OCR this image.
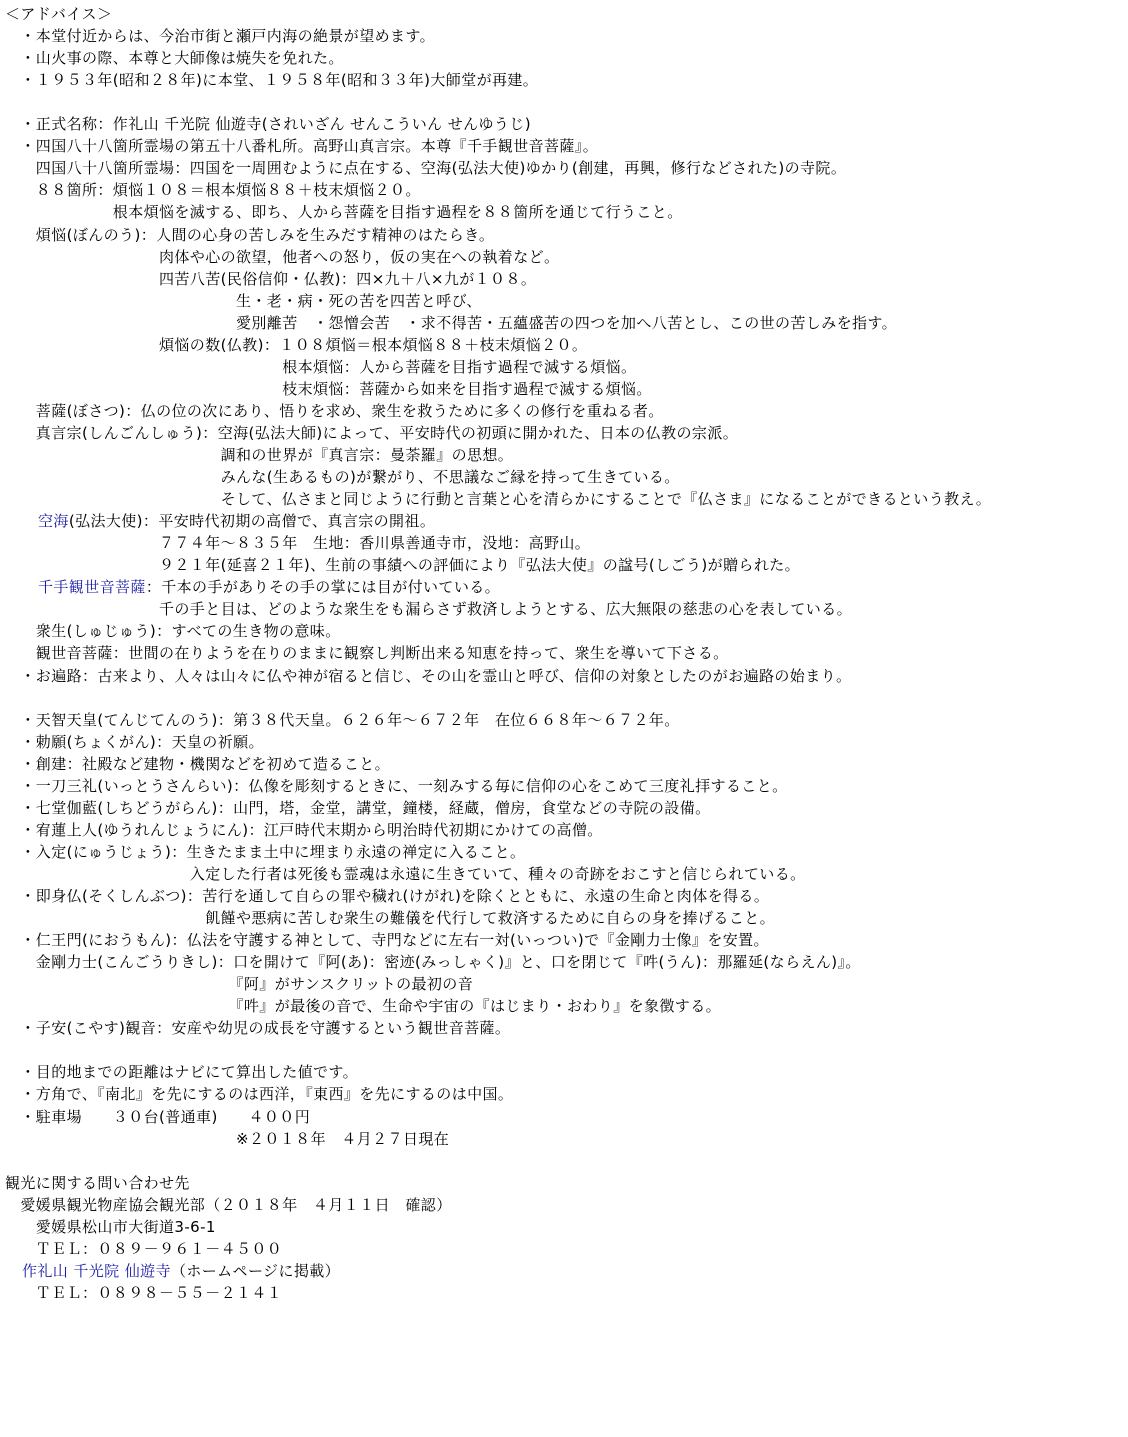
＜アドバイス＞
　・本堂付近からは、今治市街と瀬戸内海の絶景が望めます。
　・山火事の際、本尊と大師像は焼失を免れた。
　・１９５３年(昭和２８年)に本堂、１９５８年(昭和３３年)大師堂が再建。
　・正式名称：作礼山 千光院 仙遊寺(されいざん せんこういん せんゆうじ)
　・四国八十八箇所霊場の第五十八番札所。高野山真言宗。本尊『千手観世音菩薩』。
　　四国八十八箇所霊場：四国を一周囲むように点在する、空海(弘法大使)ゆかり(創建，再興，修行などされた)の寺院。
　　８８箇所：煩悩１０８＝根本煩悩８８＋枝末煩悩２０。
　　　　　　　根本煩悩を滅する、即ち、人から菩薩を目指す過程を８８箇所を通じて行うこと。
　　煩悩(ぼんのう)：人間の心身の苦しみを生みだす精神のはたらき。
　　　　　　　　　　肉体や心の欲望，他者への怒り，仮の実在への執着など。
　　　　　　　　　　四苦八苦(民俗信仰・仏教)：四×九＋八×九が１０８。
　　　　　　　　　　　　　　　生・老・病・死の苦を四苦と呼び、
　　　　　　　　　　　　　　　愛別離苦　・怨憎会苦　・求不得苦・五蘊盛苦の四つを加へ八苦とし、この世の苦しみを指す。
　　　　　　　　　　煩悩の数(仏教)：１０８煩悩＝根本煩悩８８＋枝末煩悩２０。
　　　　　　　　　　　　　　　　　　根本煩悩：人から菩薩を目指す過程で滅する煩悩。
　　　　　　　　　　　　　　　　　　枝末煩悩：菩薩から如来を目指す過程で滅する煩悩。
　　菩薩(ぼさつ)：仏の位の次にあり、悟りを求め、衆生を救うために多くの修行を重ねる者。
　　真言宗(しんごんしゅう)：空海(弘法大師)によって、平安時代の初頭に開かれた、日本の仏教の宗派。
　　　　　　　　　　　　　　調和の世界が『真言宗：曼荼羅』の思想。
　　　　　　　　　　　　　　みんな(生あるもの)が繋がり、不思議なご縁を持って生きている。
　　　　　　　　　　　　　　そして、仏さまと同じように行動と言葉と心を清らかにすることで『仏さま』になることができるという教え。
空海(弘法大使)：平安時代初期の高僧で、真言宗の開祖。
　　　　　　　　　　７７４年～８３５年　生地：香川県善通寺市，没地：高野山。
　　　　　　　　　　９２１年(延喜２１年)、生前の事績への評価により『弘法大使』の諡号(しごう)が贈られた。
千手観世音菩薩：千本の手がありその手の掌には目が付いている。
　　　　　　　　　　千の手と目は、どのような衆生をも漏らさず救済しようとする、広大無限の慈悲の心を表している。
　　衆生(しゅじゅう)：すべての生き物の意味。
　　観世音菩薩：世間の在りようを在りのままに観察し判断出来る知恵を持って、衆生を導いて下さる。
　・お遍路：古来より、人々は山々に仏や神が宿ると信じ、その山を霊山と呼び、信仰の対象としたのがお遍路の始まり。
　・天智天皇(てんじてんのう)：第３８代天皇。６２６年～６７２年　在位６６８年～６７２年。
　・勅願(ちょくがん)：天皇の祈願。
　・創建：社殿など建物・機関などを初めて造ること。
　・一刀三礼(いっとうさんらい)：仏像を彫刻するときに、一刻みする毎に信仰の心をこめて三度礼拝すること。
　・七堂伽藍(しちどうがらん)：山門，塔，金堂，講堂，鐘楼，経蔵，僧房，食堂などの寺院の設備。
　・宥蓮上人(ゆうれんじょうにん)：江戸時代末期から明治時代初期にかけての高僧。
　・入定(にゅうじょう)：生きたまま土中に埋まり永遠の禅定に入ること。
　　　　　　　　　　　　入定した行者は死後も霊魂は永遠に生きていて、種々の奇跡をおこすと信じられている。
　・即身仏(そくしんぶつ)：苦行を通して自らの罪や穢れ(けがれ)を除くとともに、永遠の生命と肉体を得る。
　　　　　　　　　　　　　飢饉や悪病に苦しむ衆生の難儀を代行して救済するために自らの身を捧げること。
　・仁王門(におうもん)：仏法を守護する神として、寺門などに左右一対(いっつい)で『金剛力士像』を安置。
　　金剛力士(こんごうりきし)：口を開けて『阿(あ)：密迹(みっしゃく)』と、口を閉じて『吽(うん)：那羅延(ならえん)』。
　　　　　　　　　　　　　　　『阿』がサンスクリットの最初の音
　　　　　　　　　　　　　　　『吽』が最後の音で、生命や宇宙の『はじまり・おわり』を象徴する。
　・子安(こやす)観音：安産や幼児の成長を守護するという観世音菩薩。
　・目的地までの距離はナビにて算出した値です。
　・方角で、『南北』を先にするのは西洋，『東西』を先にするのは中国。
　・駐車場　　３０台(普通車)　　４００円
　　　　　　　　　　　　　　　※２０１８年　４月２７日現在
観光に関する問い合わせ先
　愛媛県観光物産協会観光部（２０１８年　４月１１日　確認）
　　愛媛県松山市大街道3-6-1
　　ＴＥＬ：０８９－９６１－４５００
作礼山 千光院 仙遊寺（ホームページに掲載）
　　ＴＥＬ：０８９８－５５－２１４１
